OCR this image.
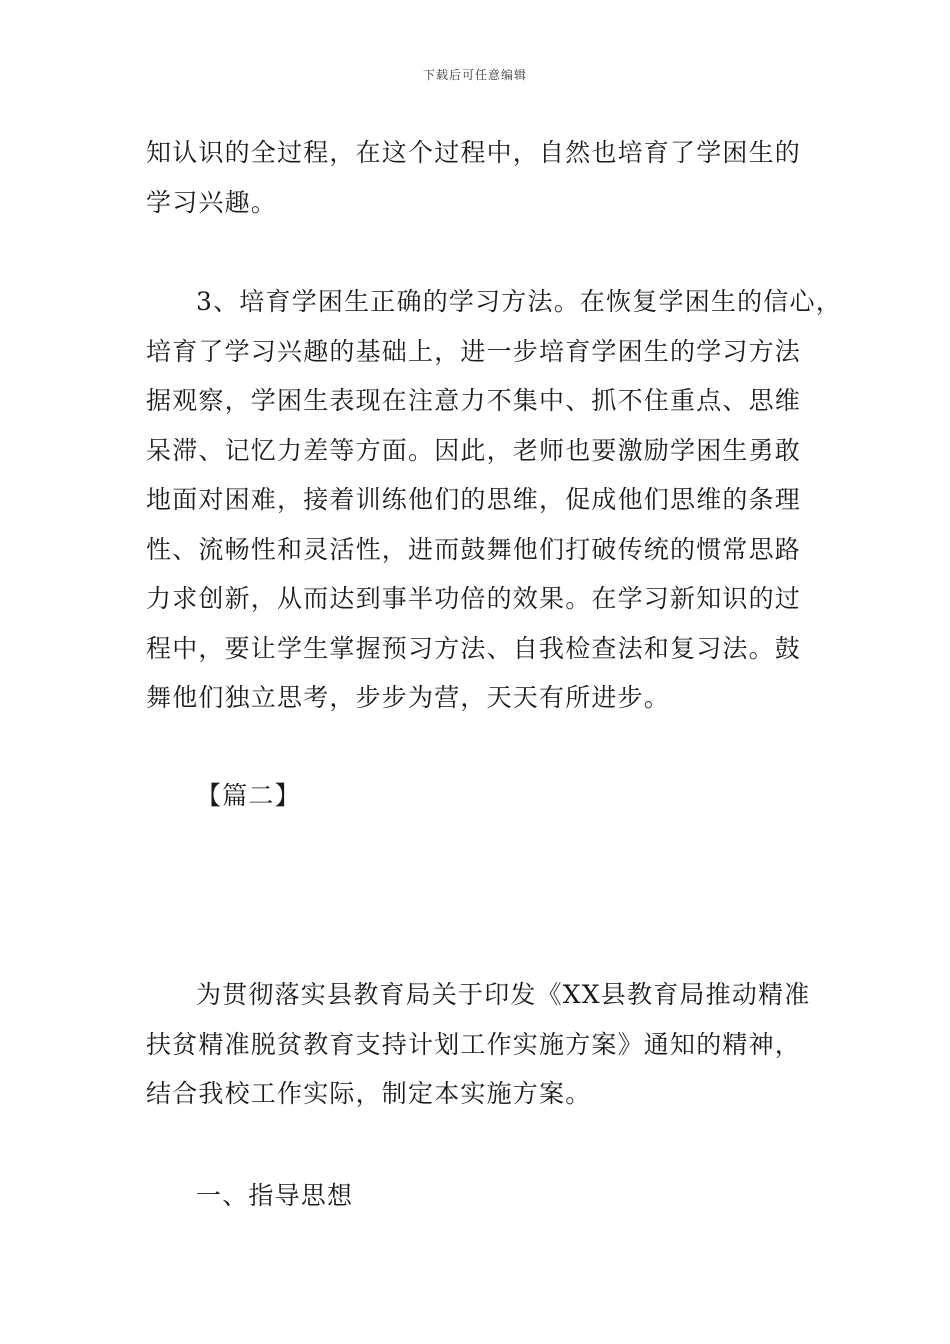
下载后可任意编辑

知认识的全过程，在这个过程中，自然也培育了学困生的
学习兴趣。

3、培育学困生正确的学习方法。在恢复学困生的信心，
培育了学习兴趣的基础上，进一步培育学困生的学习方法
据观察，学困生表现在注意力不集中、抓不住重点、思维
呆滞、记忆力差等方面。因此，老师也要激励学困生勇敢
地面对困难，接着训练他们的思维，促成他们思维的条理
性、流畅性和灵活性，进而鼓舞他们打破传统的惯常思路
力求创新，从而达到事半功倍的效果。在学习新知识的过
程中，要让学生掌握预习方法、自我检查法和复习法。鼓
舞他们独立思考，步步为营，天天有所进步。

【篇二】

为贯彻落实县教育局关于印发《XX县教育局推动精准
扶贫精准脱贫教育支持计划工作实施方案》通知的精神，
结合我校工作实际，制定本实施方案。

一、指导思想
